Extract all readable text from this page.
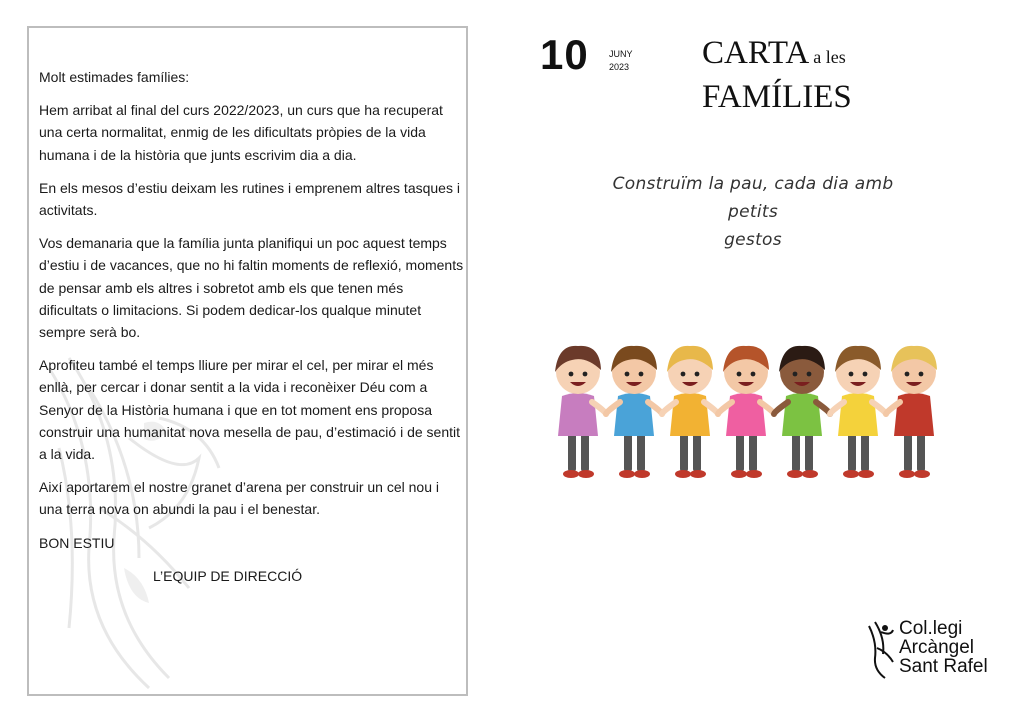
Molt estimades famílies:

Hem arribat al final del curs 2022/2023, un curs que ha recuperat una certa normalitat, enmig de les dificultats pròpies de la vida humana i de la història que junts escrivim dia a dia.

En els mesos d’estiu deixam les rutines i emprenem altres tasques i activitats.

Vos demanaria que la família junta planifiqui un poc aquest temps d’estiu i de vacances, que no hi faltin moments de reflexió, moments de pensar amb els altres i sobretot amb els que tenen més dificultats o limitacions. Si podem dedicar-los qualque minutet sempre serà bo.

Aprofiteu també el temps lliure per mirar el cel, per mirar el més enllà, per cercar i donar sentit a la vida i reconèixer Déu com a Senyor de la Història humana i que en tot moment ens proposa construir una humanitat nova mesella de pau, d’estimació i de sentit a la vida.

Així aportarem el nostre granet d’arena per construir un cel nou i una terra nova on abundi la pau i el benestar.

BON ESTIU

L’EQUIP DE DIRECCIÓ

10 JUNY
2023 CARTA a les
FAMÍLIES
Construïm la pau, cada dia amb petits
gestos
Col.legi
Arcàngel
Sant Rafel
